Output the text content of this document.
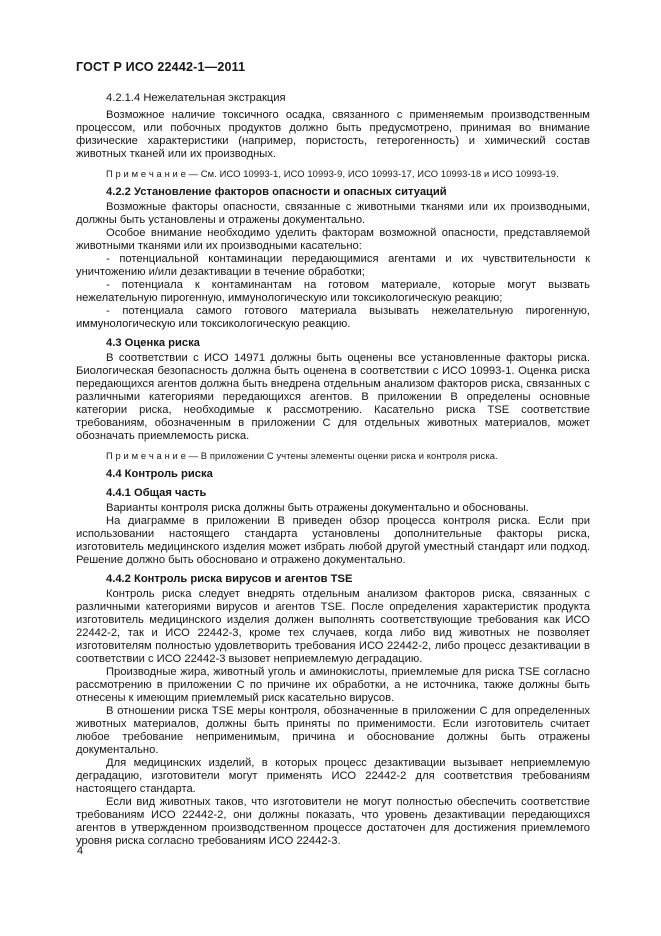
ГОСТ Р ИСО 22442-1—2011

4.2.1.4 Нежелательная экстракция

Возможное наличие токсичного осадка, связанного с применяемым производственным процессом, или побочных продуктов должно быть предусмотрено, принимая во внимание физические характеристики (например, пористость, гетерогенность) и химический состав животных тканей или их производных.

П р и м е ч а н и е — См. ИСО 10993-1, ИСО 10993-9, ИСО 10993-17, ИСО 10993-18 и ИСО 10993-19.

4.2.2 Установление факторов опасности и опасных ситуаций

Возможные факторы опасности, связанные с животными тканями или их производными, должны быть установлены и отражены документально.

Особое внимание необходимо уделить факторам возможной опасности, представляемой животными тканями или их производными касательно:

- потенциальной контаминации передающимися агентами и их чувствительности к уничтожению и/или дезактивации в течение обработки;

- потенциала к контаминантам на готовом материале, которые могут вызвать нежелательную пирогенную, иммунологическую или токсикологическую реакцию;

- потенциала самого готового материала вызывать нежелательную пирогенную, иммунологическую или токсикологическую реакцию.

4.3 Оценка риска

В соответствии с ИСО 14971 должны быть оценены все установленные факторы риска. Биологическая безопасность должна быть оценена в соответствии с ИСО 10993-1. Оценка риска передающихся агентов должна быть внедрена отдельным анализом факторов риска, связанных с различными категориями передающихся агентов. В приложении В определены основные категории риска, необходимые к рассмотрению. Касательно риска TSE соответствие требованиям, обозначенным в приложении С для отдельных животных материалов, может обозначать приемлемость риска.

П р и м е ч а н и е — В приложении С учтены элементы оценки риска и контроля риска.

4.4 Контроль риска

4.4.1 Общая часть

Варианты контроля риска должны быть отражены документально и обоснованы.

На диаграмме в приложении В приведен обзор процесса контроля риска. Если при использовании настоящего стандарта установлены дополнительные факторы риска, изготовитель медицинского изделия может избрать любой другой уместный стандарт или подход. Решение должно быть обосновано и отражено документально.

4.4.2 Контроль риска вирусов и агентов TSE

Контроль риска следует внедрять отдельным анализом факторов риска, связанных с различными категориями вирусов и агентов TSE. После определения характеристик продукта изготовитель медицинского изделия должен выполнять соответствующие требования как ИСО 22442-2, так и ИСО 22442-3, кроме тех случаев, когда либо вид животных не позволяет изготовителям полностью удовлетворить требования ИСО 22442-2, либо процесс дезактивации в соответствии с ИСО 22442-3 вызовет неприемлемую деградацию.

Производные жира, животный уголь и аминокислоты, приемлемые для риска TSE согласно рассмотрению в приложении С по причине их обработки, а не источника, также должны быть отнесены к имеющим приемлемый риск касательно вирусов.

В отношении риска TSE меры контроля, обозначенные в приложении С для определенных животных материалов, должны быть приняты по применимости. Если изготовитель считает любое требование неприменимым, причина и обоснование должны быть отражены документально.

Для медицинских изделий, в которых процесс дезактивации вызывает неприемлемую деградацию, изготовители могут применять ИСО 22442-2 для соответствия требованиям настоящего стандарта.

Если вид животных таков, что изготовители не могут полностью обеспечить соответствие требованиям ИСО 22442-2, они должны показать, что уровень дезактивации передающихся агентов в утвержденном производственном процессе достаточен для достижения приемлемого уровня риска согласно требованиям ИСО 22442-3.

4
